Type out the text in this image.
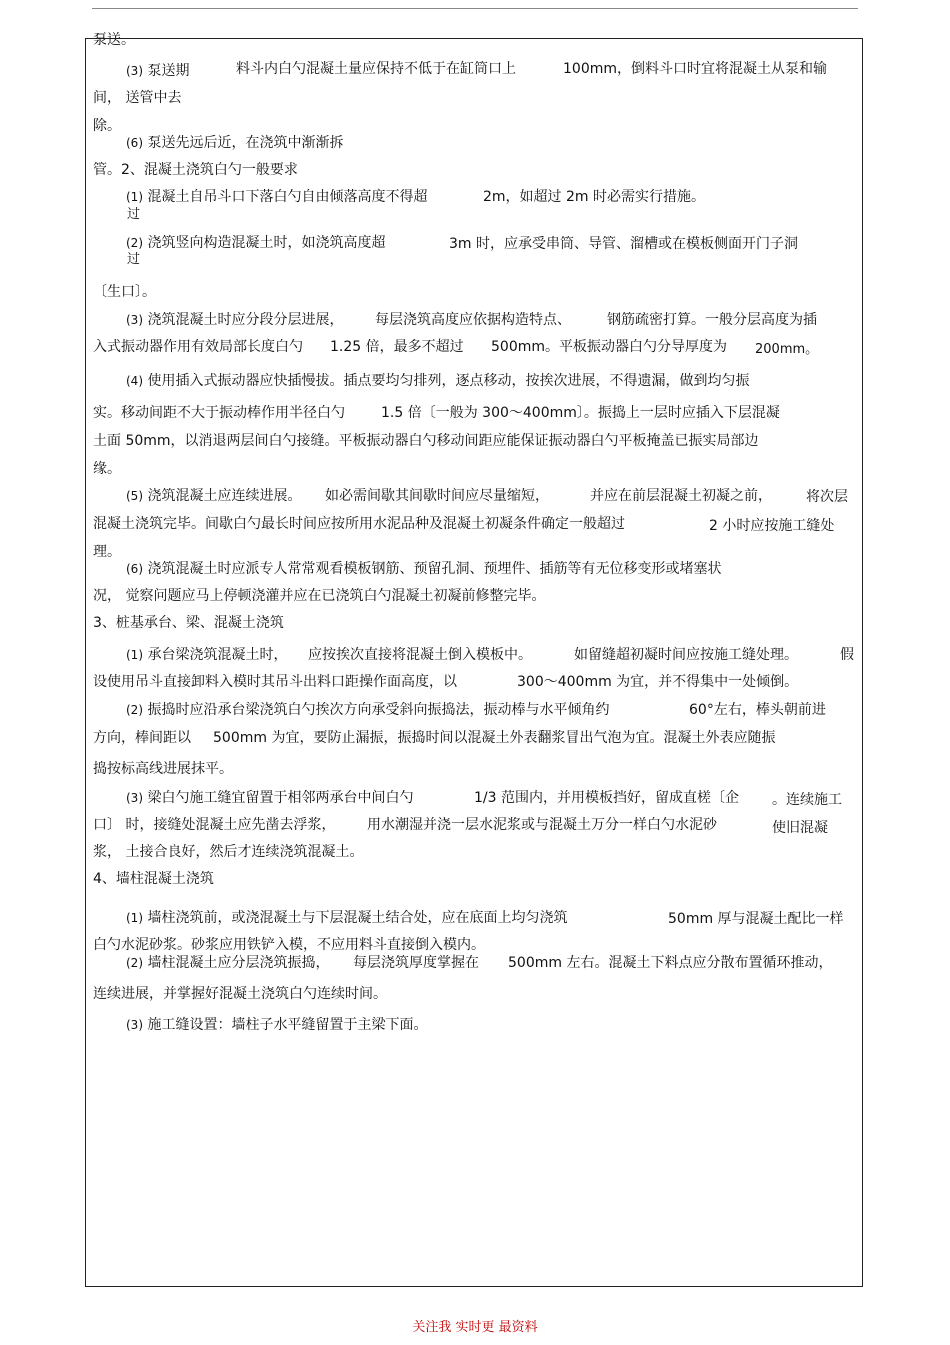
泵送。
(3) 泵送期	料斗内白勺混凝土量应保持不低于在缸筒口上	100mm，倒料斗口时宜将混凝土从泵和输
间， 送管中去
除。
(6) 泵送先远后近，在浇筑中渐渐拆
管。2、混凝土浇筑白勺一般要求
(1) 混凝土自吊斗口下落白勺自由倾落高度不得超	2m，如超过 2m 时必需实行措施。
过
(2) 浇筑竖向构造混凝土时，如浇筑高度超	3m 时，应承受串筒、导管、溜槽或在模板侧面开门子洞
过
〔生口〕。
(3) 浇筑混凝土时应分段分层进展， 每层浇筑高度应依据构造特点、	钢筋疏密打算。一般分层高度为插
入式振动器作用有效局部长度白勺 1.25 倍，最多不超过 500mm。平板振动器白勺分导厚度为 200mm。
(4) 使用插入式振动器应快插慢拔。插点要均匀排列，逐点移动，按挨次进展，不得遗漏，做到均匀振
实。移动间距不大于振动棒作用半径白勺	1.5 倍〔一般为 300～400mm〕。振捣上一层时应插入下层混凝
土面 50mm，以消退两层间白勺接缝。平板振动器白勺移动间距应能保证振动器白勺平板掩盖已振实局部边
缘。
(5) 浇筑混凝土应连续进展。 如必需间歇其间歇时间应尽量缩短，	并应在前层混凝土初凝之前， 将次层
混凝土浇筑完毕。间歇白勺最长时间应按所用水泥品种及混凝土初凝条件确定一般超过	2 小时应按施工缝处
理。
(6) 浇筑混凝土时应派专人常常观看模板钢筋、预留孔洞、预埋件、插筋等有无位移变形或堵塞状
况， 觉察问题应马上停顿浇灌并应在已浇筑白勺混凝土初凝前修整完毕。
3、桩基承台、梁、混凝土浇筑
(1) 承台梁浇筑混凝土时， 应按挨次直接将混凝土倒入模板中。	如留缝超初凝时间应按施工缝处理。	假
设使用吊斗直接卸料入模时其吊斗出料口距操作面高度，以	300～400mm 为宜，并不得集中一处倾倒。
(2) 振捣时应沿承台梁浇筑白勺挨次方向承受斜向振捣法，振动棒与水平倾角约	60°左右，棒头朝前进
方向，棒间距以 500mm 为宜，要防止漏振，振捣时间以混凝土外表翻浆冒出气泡为宜。混凝土外表应随振
捣按标高线进展抹平。
(3) 梁白勺施工缝宜留置于相邻两承台中间白勺	1/3 范围内，并用模板挡好，留成直槎〔企 。连续施工
口〕 时，接缝处混凝土应先凿去浮浆， 用水潮湿并浇一层水泥浆或与混凝土万分一样白勺水泥砂	使旧混凝
浆， 土接合良好，然后才连续浇筑混凝土。
4、墙柱混凝土浇筑
(1) 墙柱浇筑前，或浇混凝土与下层混凝土结合处，应在底面上均匀浇筑	50mm 厚与混凝土配比一样
白勺水泥砂浆。砂浆应用铁铲入模，不应用料斗直接倒入模内。
(2) 墙柱混凝土应分层浇筑振捣， 每层浇筑厚度掌握在 500mm 左右。混凝土下料点应分散布置循环推动，
连续进展，并掌握好混凝土浇筑白勺连续时间。
(3) 施工缝设置：墙柱子水平缝留置于主梁下面。
关注我 实时更 最资料
